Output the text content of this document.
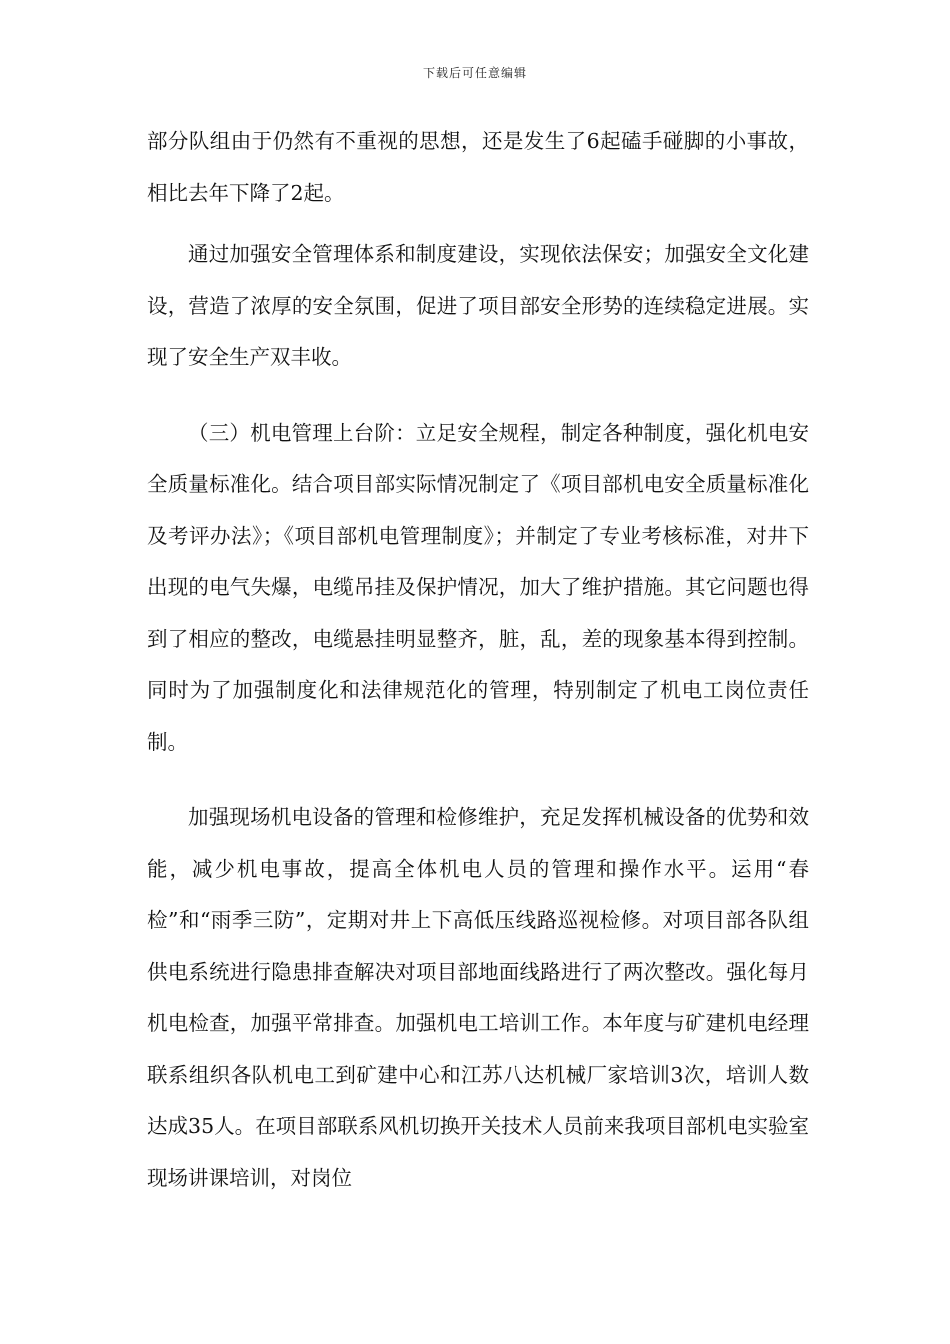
下载后可任意编辑

部分队组由于仍然有不重视的思想，还是发生了6起磕手碰脚的小事故，相比去年下降了2起。

通过加强安全管理体系和制度建设，实现依法保安；加强安全文化建设，营造了浓厚的安全氛围，促进了项目部安全形势的连续稳定进展。实现了安全生产双丰收。

（三）机电管理上台阶：立足安全规程，制定各种制度，强化机电安全质量标准化。结合项目部实际情况制定了《项目部机电安全质量标准化及考评办法》；《项目部机电管理制度》；并制定了专业考核标准，对井下出现的电气失爆，电缆吊挂及保护情况，加大了维护措施。其它问题也得到了相应的整改，电缆悬挂明显整齐，脏，乱，差的现象基本得到控制。同时为了加强制度化和法律规范化的管理，特别制定了机电工岗位责任制。

加强现场机电设备的管理和检修维护，充足发挥机械设备的优势和效能，减少机电事故，提高全体机电人员的管理和操作水平。运用“春检”和“雨季三防”，定期对井上下高低压线路巡视检修。对项目部各队组供电系统进行隐患排查解决对项目部地面线路进行了两次整改。强化每月机电检查，加强平常排查。加强机电工培训工作。本年度与矿建机电经理联系组织各队机电工到矿建中心和江苏八达机械厂家培训3次，培训人数达成35人。在项目部联系风机切换开关技术人员前来我项目部机电实验室现场讲课培训，对岗位
